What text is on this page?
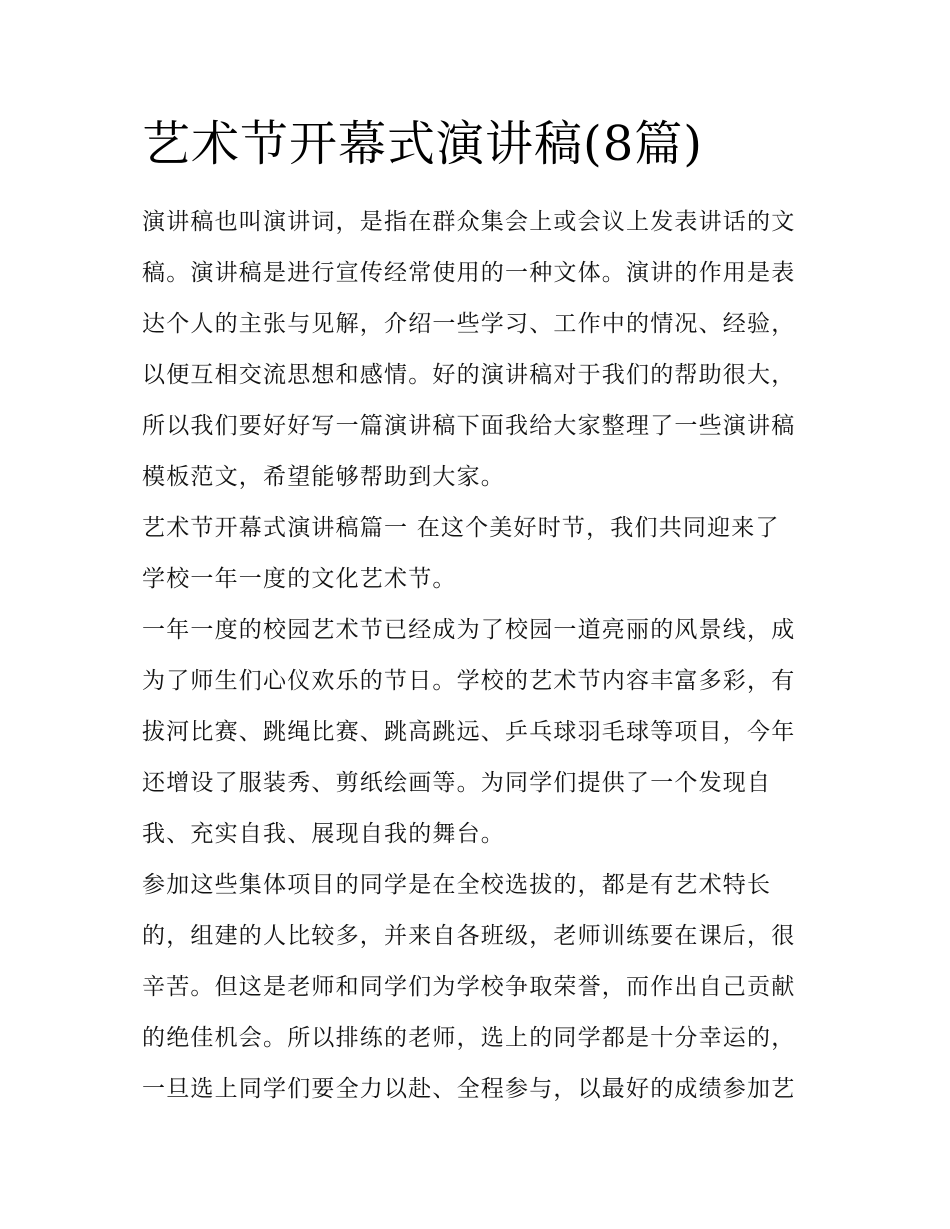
艺术节开幕式演讲稿(8篇)

演讲稿也叫演讲词，是指在群众集会上或会议上发表讲话的文

稿。演讲稿是进行宣传经常使用的一种文体。演讲的作用是表

达个人的主张与见解，介绍一些学习、工作中的情况、经验，

以便互相交流思想和感情。好的演讲稿对于我们的帮助很大，

所以我们要好好写一篇演讲稿下面我给大家整理了一些演讲稿

模板范文，希望能够帮助到大家。

艺术节开幕式演讲稿篇一 在这个美好时节，我们共同迎来了

学校一年一度的文化艺术节。

一年一度的校园艺术节已经成为了校园一道亮丽的风景线，成

为了师生们心仪欢乐的节日。学校的艺术节内容丰富多彩，有

拔河比赛、跳绳比赛、跳高跳远、乒乓球羽毛球等项目，今年

还增设了服装秀、剪纸绘画等。为同学们提供了一个发现自

我、充实自我、展现自我的舞台。

参加这些集体项目的同学是在全校选拔的，都是有艺术特长

的，组建的人比较多，并来自各班级，老师训练要在课后，很

辛苦。但这是老师和同学们为学校争取荣誉，而作出自己贡献

的绝佳机会。所以排练的老师，选上的同学都是十分幸运的，

一旦选上同学们要全力以赴、全程参与，以最好的成绩参加艺
